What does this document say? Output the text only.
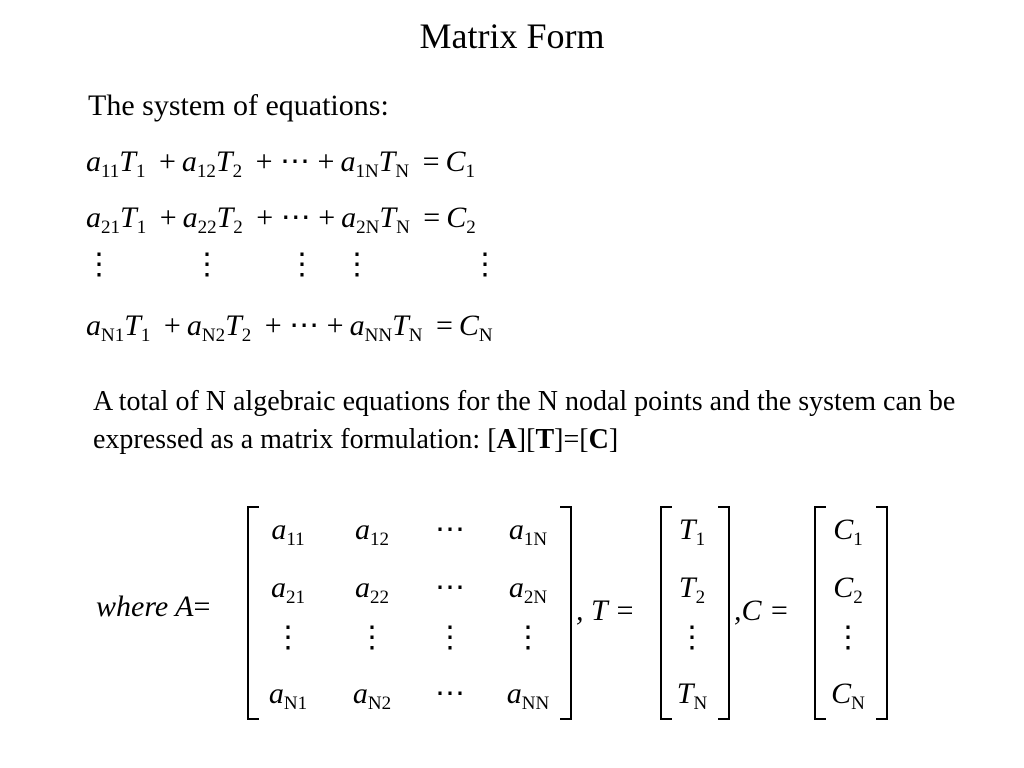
Matrix Form
The system of equations:
$a_{11}T_1 + a_{12}T_2$ + ⋯ + $a_{1N}T_N = C_1$
$a_{21}T_1 + a_{22}T_2$ + ⋯ + $a_{2N}T_N = C_2$
⋮	⋮ ⋮ ⋮	⋮
$a_{N1}T_1 + a_{N2}T_2$ + ⋯ + $a_{NN}T_N = C_N$
A total of N algebraic equations for the N nodal points and the system can be expressed as a matrix formulation: [A][T]=[C]
where A=
$a_{11}$	$a_{12}$	⋯	$a_{1N}$
$a_{21}$	$a_{22}$	⋯	$a_{2N}$
⋮	⋮	⋮	⋮
$a_{N1}$	$a_{N2}$	⋯	$a_{NN}$
, T =
$T_1$
$T_2$
⋮
$T_N$
,C =
$C_1$
$C_2$
⋮
$C_N$
